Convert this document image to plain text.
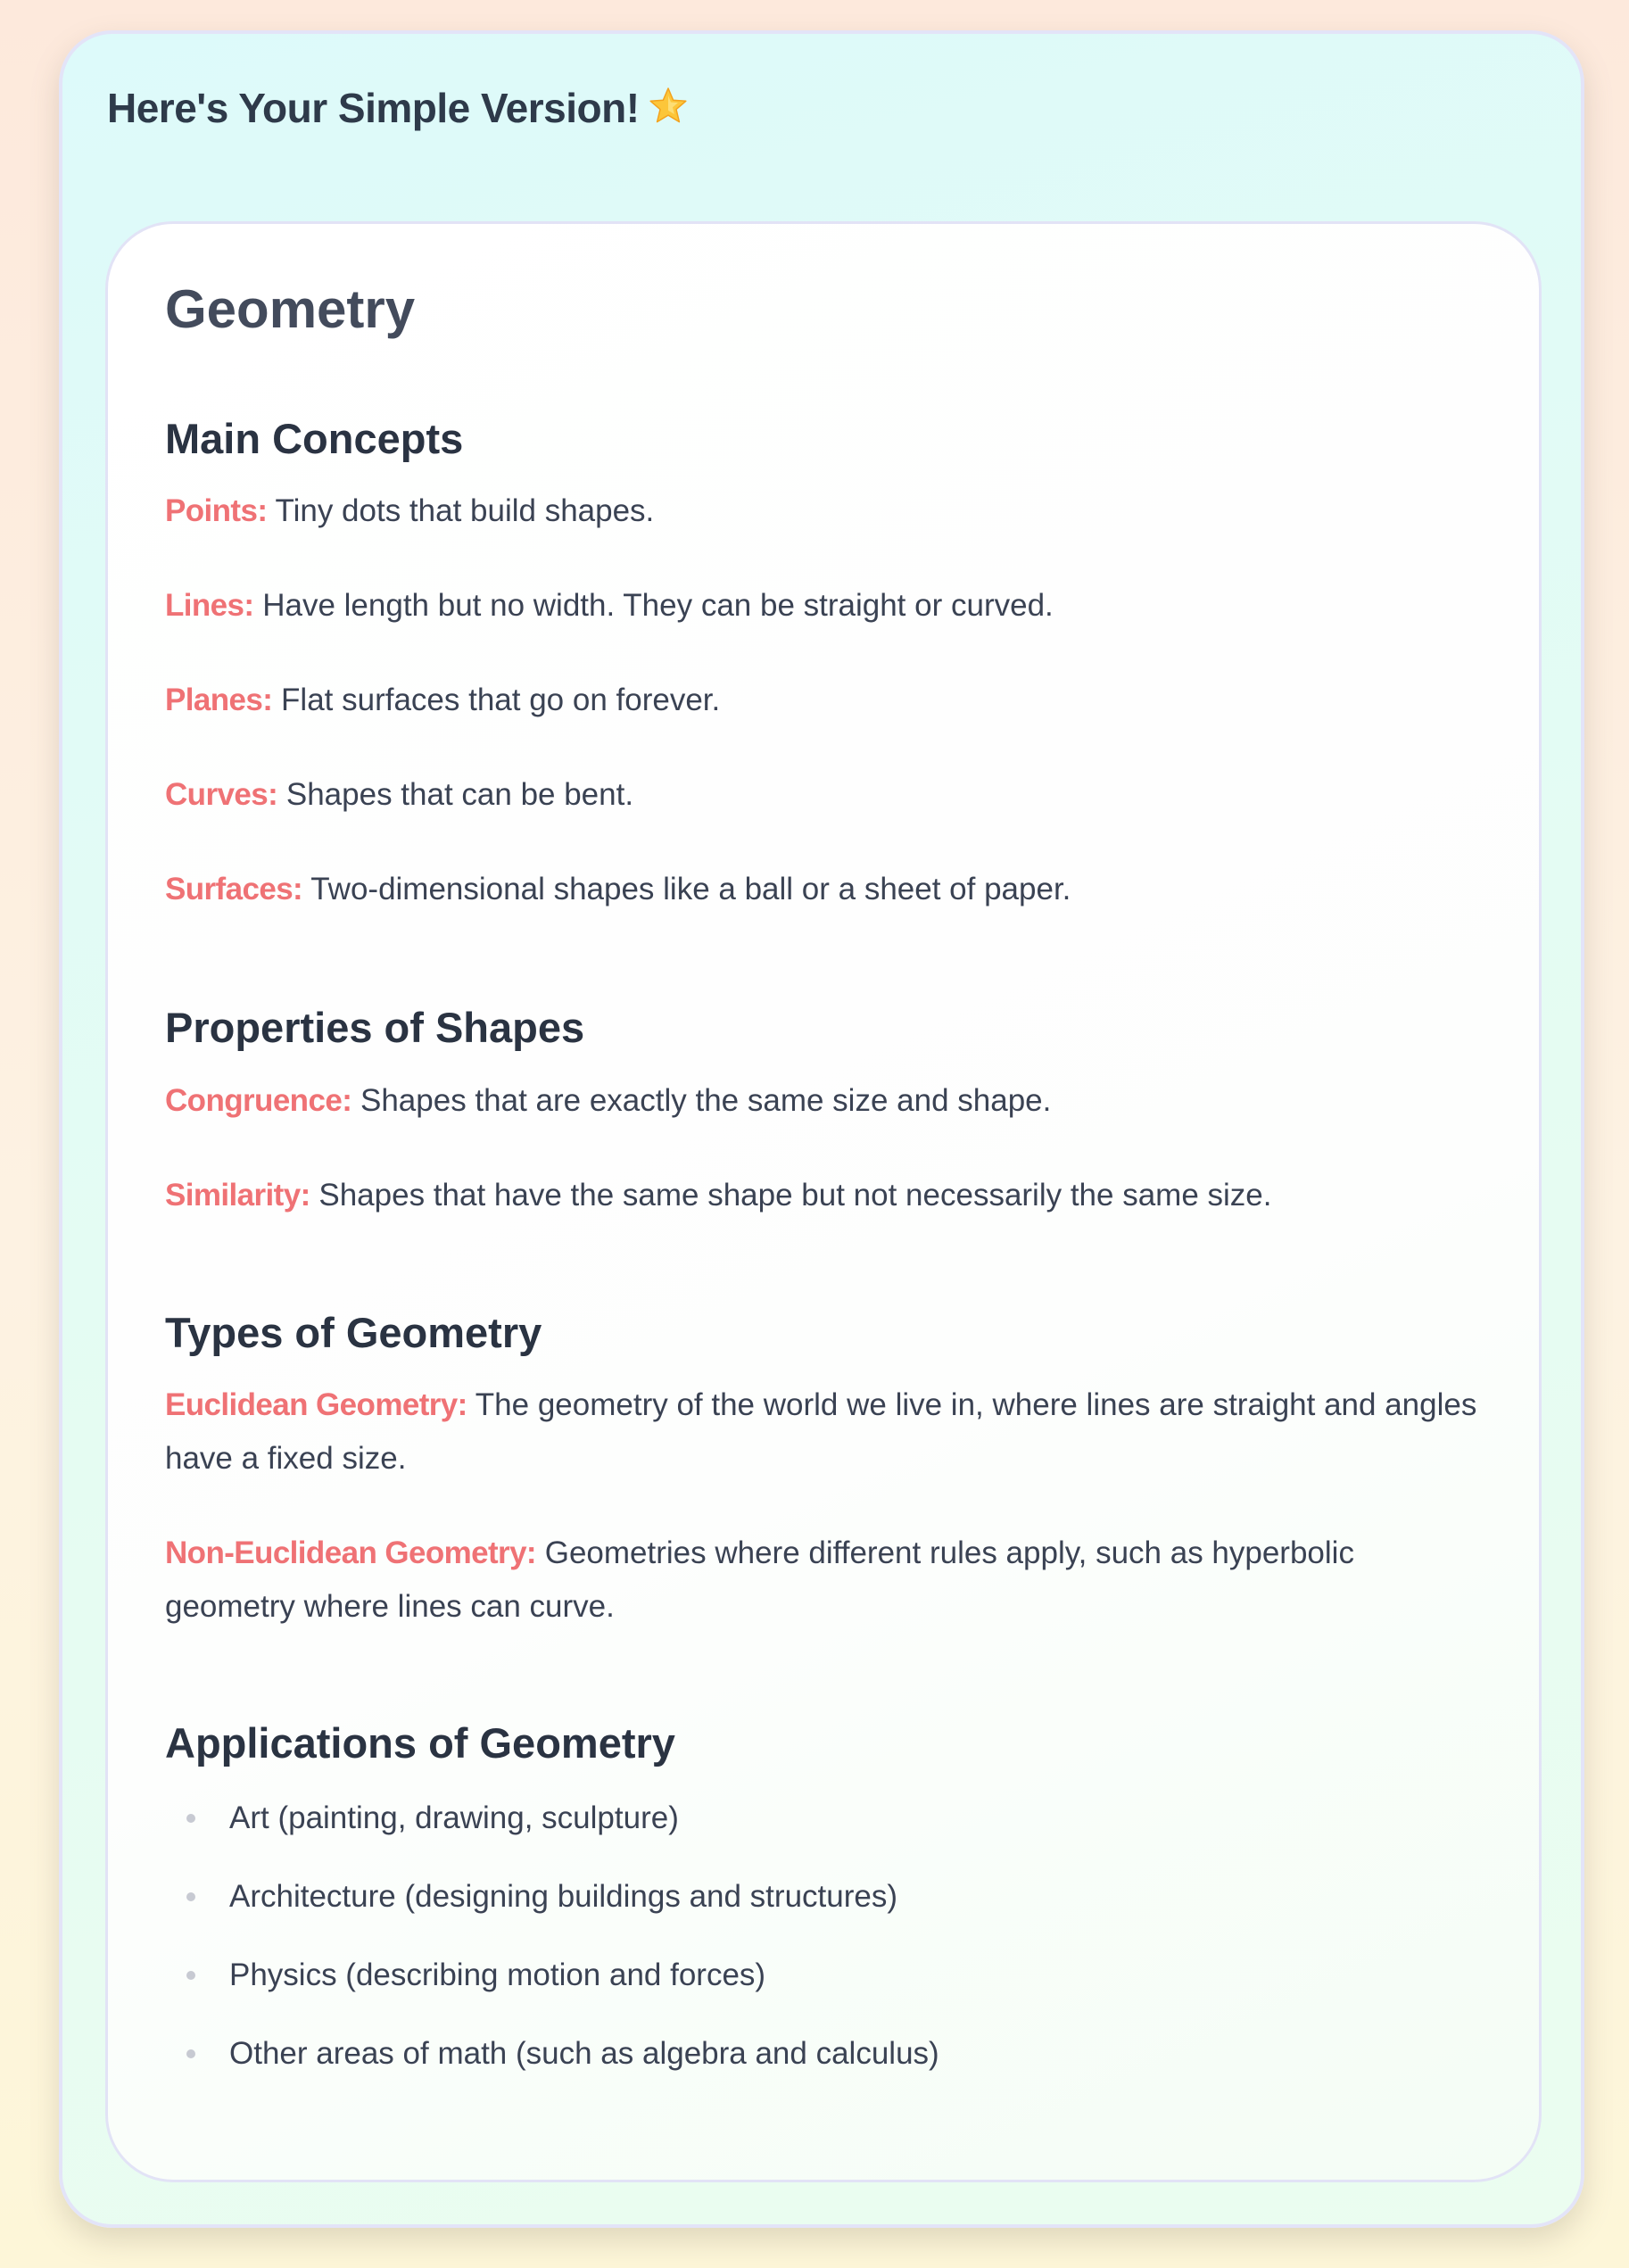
Here's Your Simple Version!
Geometry
Main Concepts

Points: Tiny dots that build shapes.

Lines: Have length but no width. They can be straight or curved.

Planes: Flat surfaces that go on forever.

Curves: Shapes that can be bent.

Surfaces: Two-dimensional shapes like a ball or a sheet of paper.

Properties of Shapes

Congruence: Shapes that are exactly the same size and shape.

Similarity: Shapes that have the same shape but not necessarily the same size.

Types of Geometry

Euclidean Geometry: The geometry of the world we live in, where lines are straight and angles have a fixed size.

Non-Euclidean Geometry: Geometries where different rules apply, such as hyperbolic geometry where lines can curve.

Applications of Geometry
Art (painting, drawing, sculpture)
Architecture (designing buildings and structures)
Physics (describing motion and forces)
Other areas of math (such as algebra and calculus)
